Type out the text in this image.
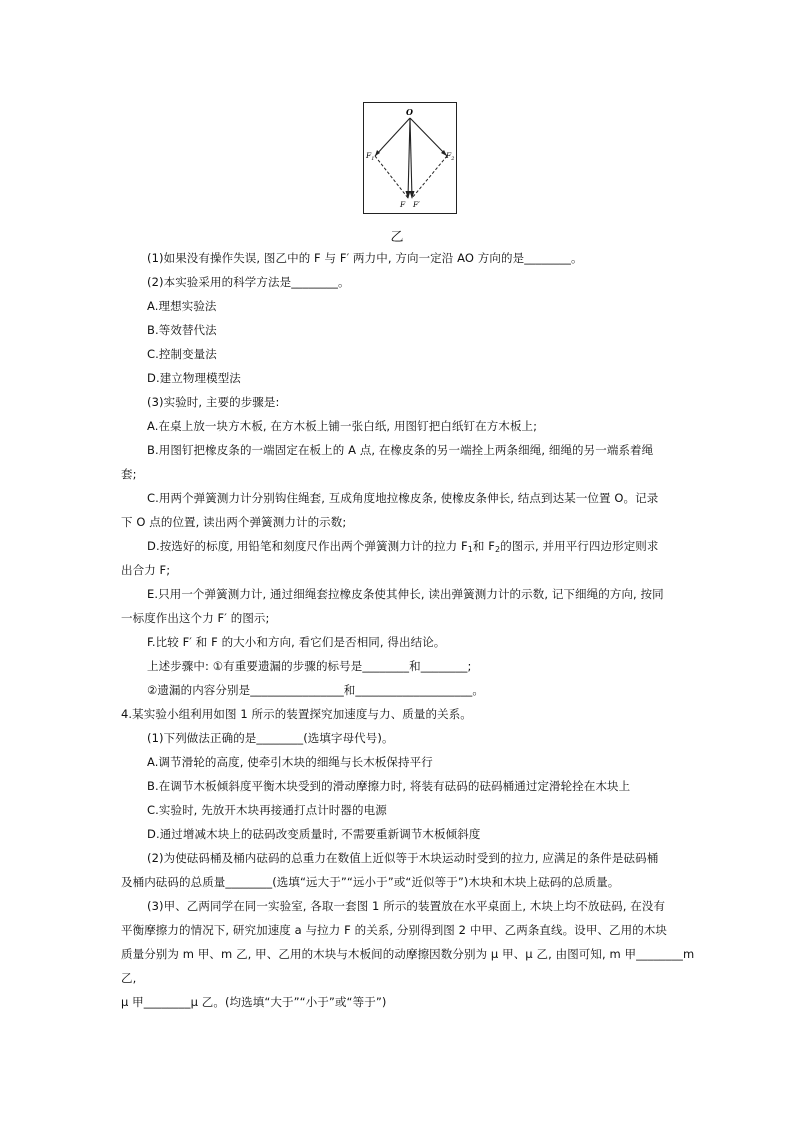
O
$F_1$	$F_2$
F F′
乙
(1)如果没有操作失误, 图乙中的 F 与 F′ 两力中, 方向一定沿 AO 方向的是________。
(2)本实验采用的科学方法是________。
A.理想实验法
B.等效替代法
C.控制变量法
D.建立物理模型法
(3)实验时, 主要的步骤是:
A.在桌上放一块方木板, 在方木板上铺一张白纸, 用图钉把白纸钉在方木板上;
B.用图钉把橡皮条的一端固定在板上的 A 点, 在橡皮条的另一端拴上两条细绳, 细绳的另一端系着绳
套;
C.用两个弹簧测力计分别钩住绳套, 互成角度地拉橡皮条, 使橡皮条伸长, 结点到达某一位置 O。记录
下 O 点的位置, 读出两个弹簧测力计的示数;
D.按选好的标度, 用铅笔和刻度尺作出两个弹簧测力计的拉力 $F_1$和 $F_2$的图示, 并用平行四边形定则求
出合力 F;
E.只用一个弹簧测力计, 通过细绳套拉橡皮条使其伸长, 读出弹簧测力计的示数, 记下细绳的方向, 按同
一标度作出这个力 F′ 的图示;
F.比较 F′ 和 F 的大小和方向, 看它们是否相同, 得出结论。
上述步骤中: ①有重要遗漏的步骤的标号是________和________;
②遗漏的内容分别是________________和____________________。
4.某实验小组利用如图 1 所示的装置探究加速度与力、质量的关系。
(1)下列做法正确的是________(选填字母代号)。
A.调节滑轮的高度, 使牵引木块的细绳与长木板保持平行
B.在调节木板倾斜度平衡木块受到的滑动摩擦力时, 将装有砝码的砝码桶通过定滑轮拴在木块上
C.实验时, 先放开木块再接通打点计时器的电源
D.通过增减木块上的砝码改变质量时, 不需要重新调节木板倾斜度
(2)为使砝码桶及桶内砝码的总重力在数值上近似等于木块运动时受到的拉力, 应满足的条件是砝码桶
及桶内砝码的总质量________(选填“远大于”“远小于”或“近似等于”)木块和木块上砝码的总质量。
(3)甲、乙两同学在同一实验室, 各取一套图 1 所示的装置放在水平桌面上, 木块上均不放砝码, 在没有
平衡摩擦力的情况下, 研究加速度 a 与拉力 F 的关系, 分别得到图 2 中甲、乙两条直线。设甲、乙用的木块
质量分别为 m 甲、m 乙, 甲、乙用的木块与木板间的动摩擦因数分别为 μ 甲、μ 乙, 由图可知, m 甲________m
乙,
μ 甲________μ 乙。(均选填“大于”“小于”或“等于”)
